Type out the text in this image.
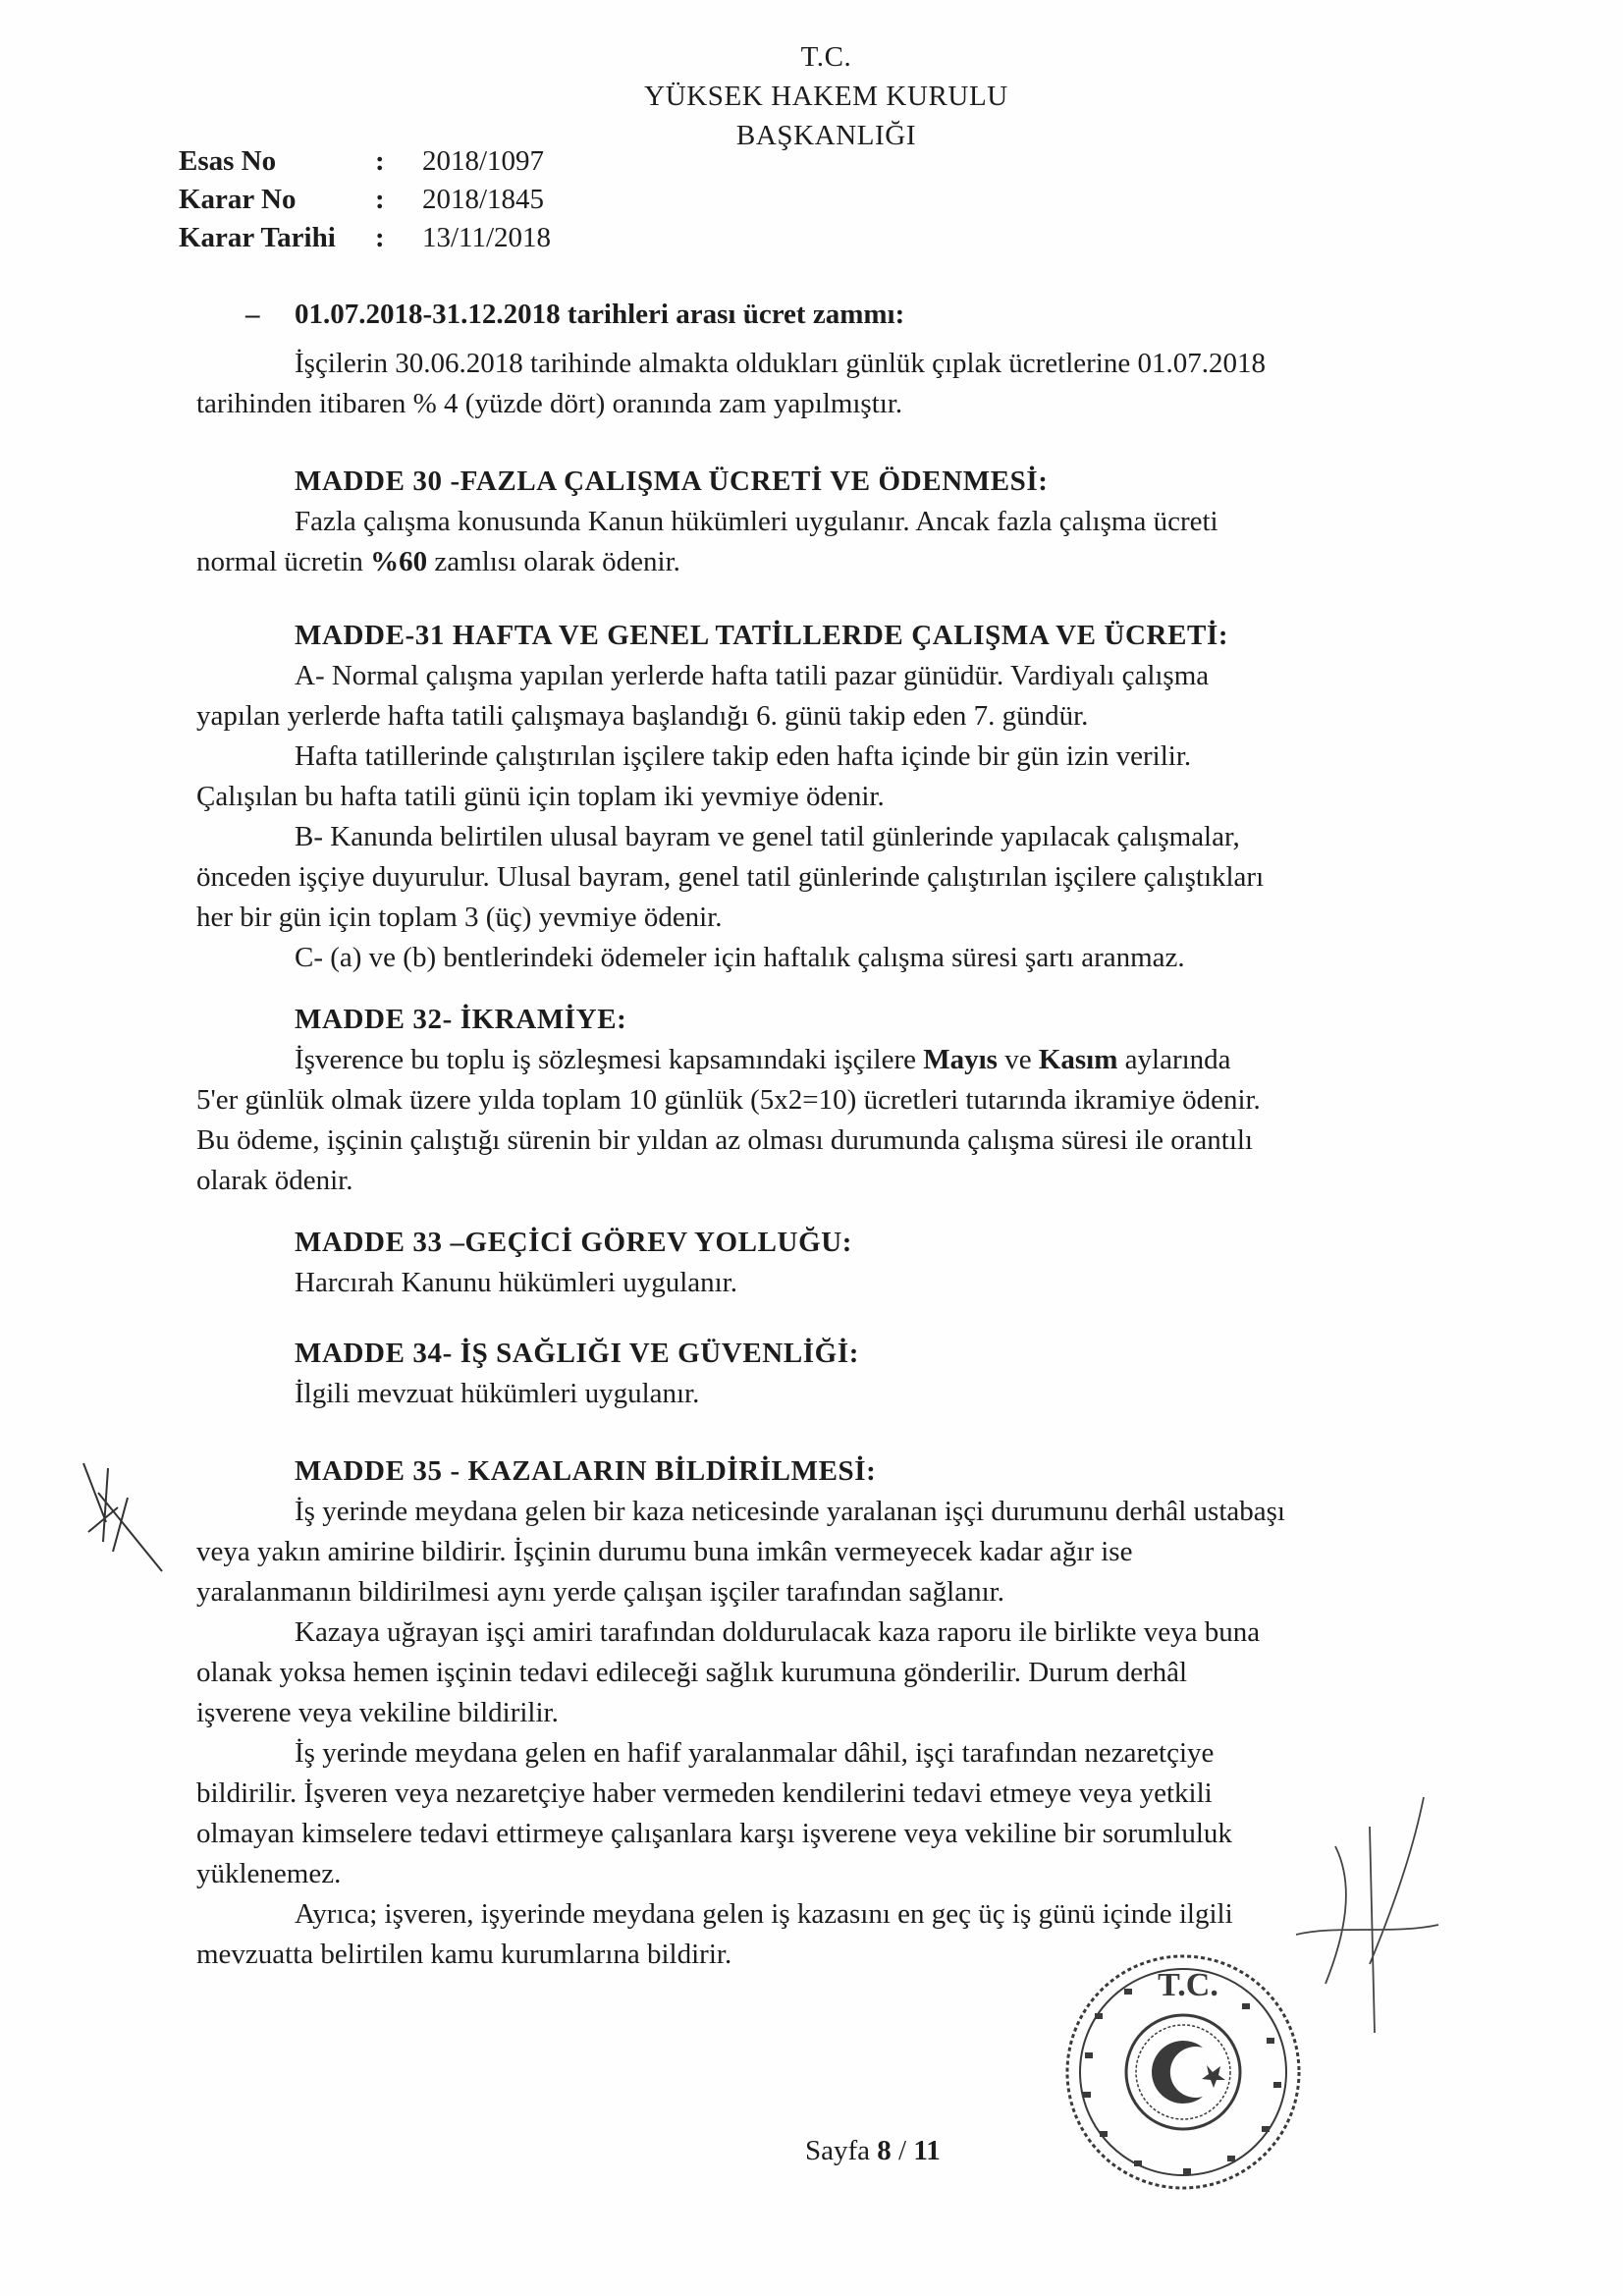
T.C.
YÜKSEK HAKEM KURULU
BAŞKANLIĞI
Esas No	:	2018/1097
Karar No	:	2018/1845
Karar Tarihi	:	13/11/2018
– 01.07.2018-31.12.2018 tarihleri arası ücret zammı:
İşçilerin 30.06.2018 tarihinde almakta oldukları günlük çıplak ücretlerine 01.07.2018
tarihinden itibaren % 4 (yüzde dört) oranında zam yapılmıştır.
MADDE 30 -FAZLA ÇALIŞMA ÜCRETİ VE ÖDENMESİ:
Fazla çalışma konusunda Kanun hükümleri uygulanır. Ancak fazla çalışma ücreti
normal ücretin %60 zamlısı olarak ödenir.
MADDE-31 HAFTA VE GENEL TATİLLERDE ÇALIŞMA VE ÜCRETİ:
A- Normal çalışma yapılan yerlerde hafta tatili pazar günüdür. Vardiyalı çalışma
yapılan yerlerde hafta tatili çalışmaya başlandığı 6. günü takip eden 7. gündür.
Hafta tatillerinde çalıştırılan işçilere takip eden hafta içinde bir gün izin verilir.
Çalışılan bu hafta tatili günü için toplam iki yevmiye ödenir.
B- Kanunda belirtilen ulusal bayram ve genel tatil günlerinde yapılacak çalışmalar,
önceden işçiye duyurulur. Ulusal bayram, genel tatil günlerinde çalıştırılan işçilere çalıştıkları
her bir gün için toplam 3 (üç) yevmiye ödenir.
C- (a) ve (b) bentlerindeki ödemeler için haftalık çalışma süresi şartı aranmaz.
MADDE 32- İKRAMİYE:
İşverence bu toplu iş sözleşmesi kapsamındaki işçilere Mayıs ve Kasım aylarında
5'er günlük olmak üzere yılda toplam 10 günlük (5x2=10) ücretleri tutarında ikramiye ödenir.
Bu ödeme, işçinin çalıştığı sürenin bir yıldan az olması durumunda çalışma süresi ile orantılı
olarak ödenir.
MADDE 33 –GEÇİCİ GÖREV YOLLUĞU:
Harcırah Kanunu hükümleri uygulanır.
MADDE 34- İŞ SAĞLIĞI VE GÜVENLİĞİ:
İlgili mevzuat hükümleri uygulanır.
MADDE 35 - KAZALARIN BİLDİRİLMESİ:
İş yerinde meydana gelen bir kaza neticesinde yaralanan işçi durumunu derhâl ustabaşı
veya yakın amirine bildirir. İşçinin durumu buna imkân vermeyecek kadar ağır ise
yaralanmanın bildirilmesi aynı yerde çalışan işçiler tarafından sağlanır.
Kazaya uğrayan işçi amiri tarafından doldurulacak kaza raporu ile birlikte veya buna
olanak yoksa hemen işçinin tedavi edileceği sağlık kurumuna gönderilir. Durum derhâl
işverene veya vekiline bildirilir.
İş yerinde meydana gelen en hafif yaralanmalar dâhil, işçi tarafından nezaretçiye
bildirilir. İşveren veya nezaretçiye haber vermeden kendilerini tedavi etmeye veya yetkili
olmayan kimselere tedavi ettirmeye çalışanlara karşı işverene veya vekiline bir sorumluluk
yüklenemez.
Ayrıca; işveren, işyerinde meydana gelen iş kazasını en geç üç iş günü içinde ilgili
mevzuatta belirtilen kamu kurumlarına bildirir.
T.C.
Sayfa 8 / 11
